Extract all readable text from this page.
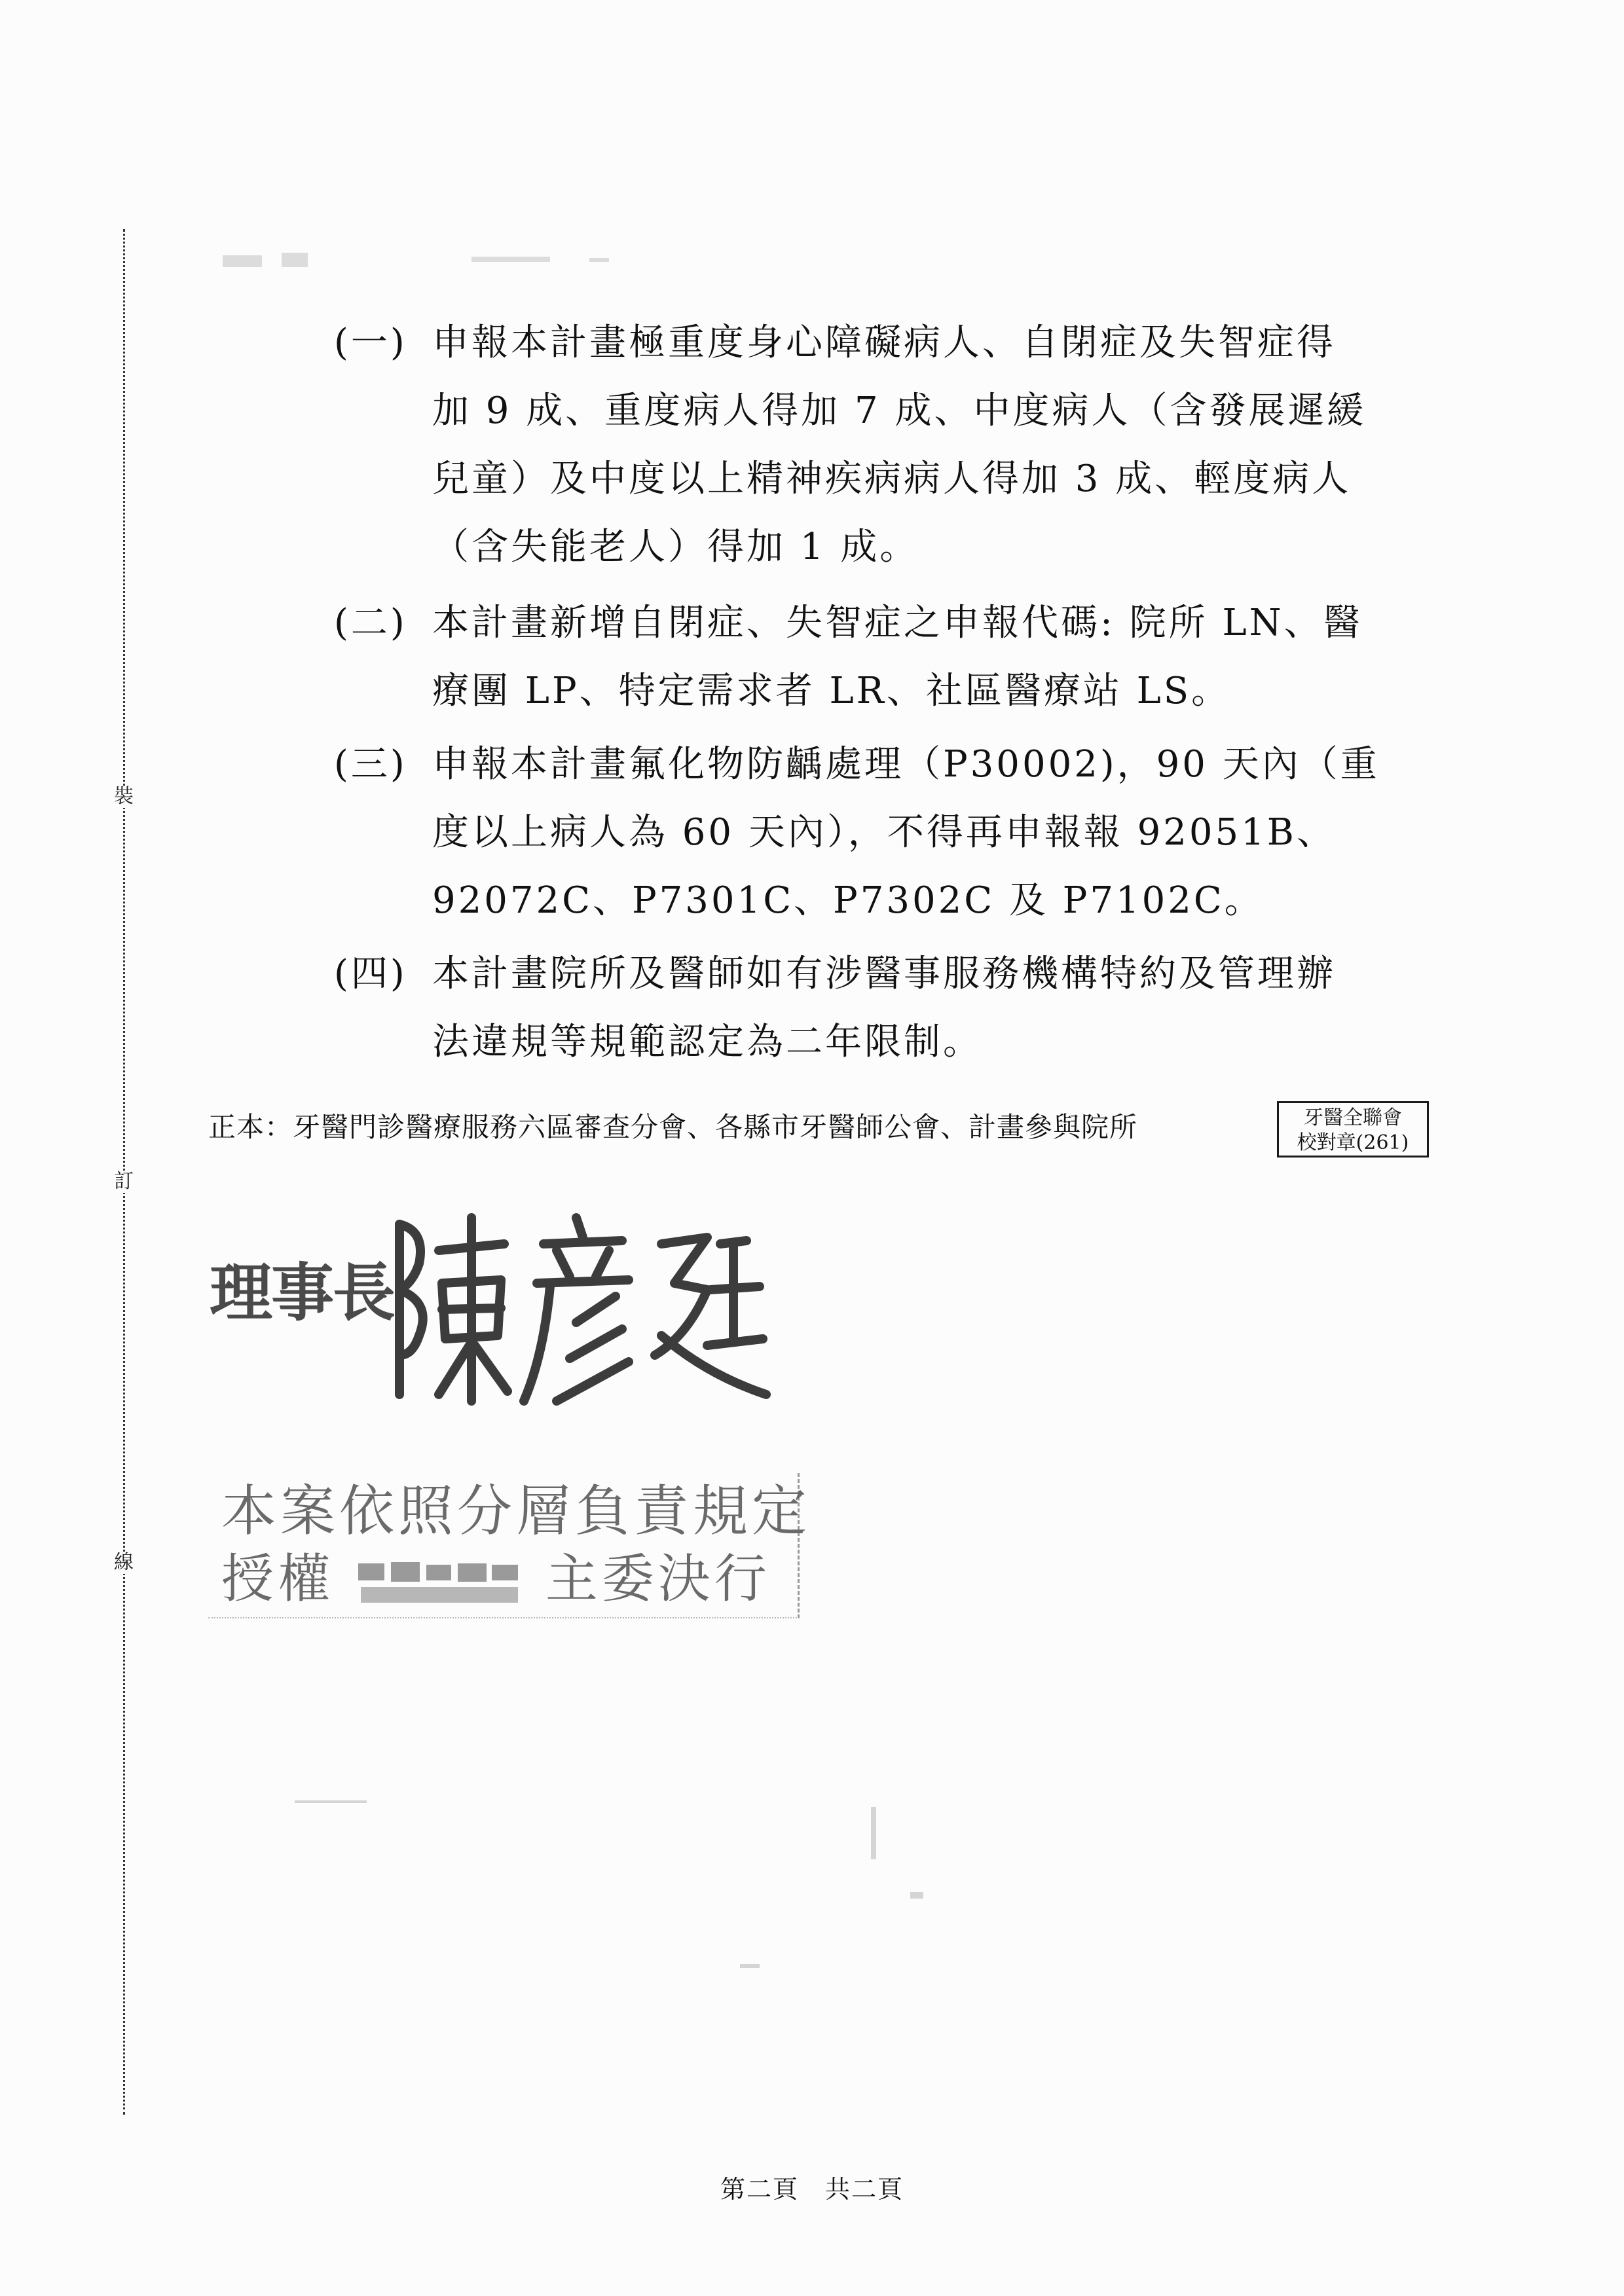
裝
訂
線
(一) 申報本計畫極重度身心障礙病人、自閉症及失智症得
加 9 成、重度病人得加 7 成、中度病人（含發展遲緩
兒童）及中度以上精神疾病病人得加 3 成、輕度病人
（含失能老人）得加 1 成。
(二) 本計畫新增自閉症、失智症之申報代碼: 院所 LN、醫
療團 LP、特定需求者 LR、社區醫療站 LS。
(三) 申報本計畫氟化物防齲處理（P30002)，90 天內（重
度以上病人為 60 天內），不得再申報報 92051B、
92072C、P7301C、P7302C 及 P7102C。
(四) 本計畫院所及醫師如有涉醫事服務機構特約及管理辦
法違規等規範認定為二年限制。
正本：牙醫門診醫療服務六區審查分會、各縣市牙醫師公會、計畫參與院所	牙醫全聯會
校對章(261)
理事長
本案依照分層負責規定
授權	主委決行
第二頁　共二頁
